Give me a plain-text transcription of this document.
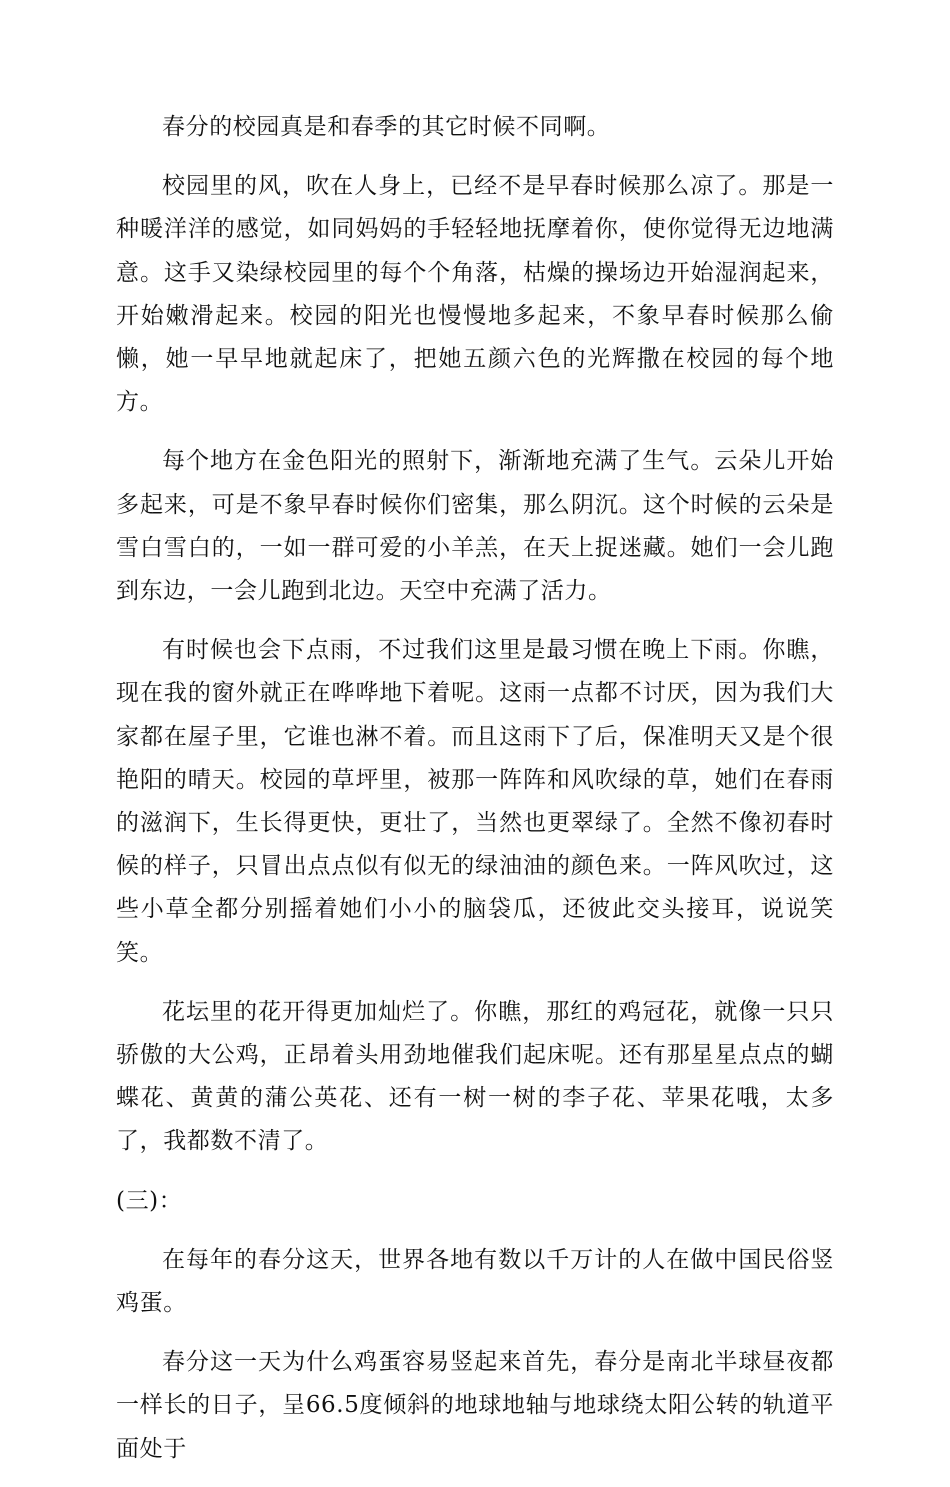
春分的校园真是和春季的其它时候不同啊。

校园里的风，吹在人身上，已经不是早春时候那么凉了。那是一种暖洋洋的感觉，如同妈妈的手轻轻地抚摩着你，使你觉得无边地满意。这手又染绿校园里的每个个角落，枯燥的操场边开始湿润起来，开始嫩滑起来。校园的阳光也慢慢地多起来，不象早春时候那么偷懒，她一早早地就起床了，把她五颜六色的光辉撒在校园的每个地方。

每个地方在金色阳光的照射下，渐渐地充满了生气。云朵儿开始多起来，可是不象早春时候你们密集，那么阴沉。这个时候的云朵是雪白雪白的，一如一群可爱的小羊羔，在天上捉迷藏。她们一会儿跑到东边，一会儿跑到北边。天空中充满了活力。

有时候也会下点雨，不过我们这里是最习惯在晚上下雨。你瞧，现在我的窗外就正在哗哗地下着呢。这雨一点都不讨厌，因为我们大家都在屋子里，它谁也淋不着。而且这雨下了后，保准明天又是个很艳阳的晴天。校园的草坪里，被那一阵阵和风吹绿的草，她们在春雨的滋润下，生长得更快，更壮了，当然也更翠绿了。全然不像初春时候的样子，只冒出点点似有似无的绿油油的颜色来。一阵风吹过，这些小草全都分别摇着她们小小的脑袋瓜，还彼此交头接耳，说说笑笑。

花坛里的花开得更加灿烂了。你瞧，那红的鸡冠花，就像一只只骄傲的大公鸡，正昂着头用劲地催我们起床呢。还有那星星点点的蝴蝶花、黄黄的蒲公英花、还有一树一树的李子花、苹果花哦，太多了，我都数不清了。

(三)：

在每年的春分这天，世界各地有数以千万计的人在做中国民俗竖鸡蛋。

春分这一天为什么鸡蛋容易竖起来首先，春分是南北半球昼夜都一样长的日子，呈66.5度倾斜的地球地轴与地球绕太阳公转的轨道平面处于
